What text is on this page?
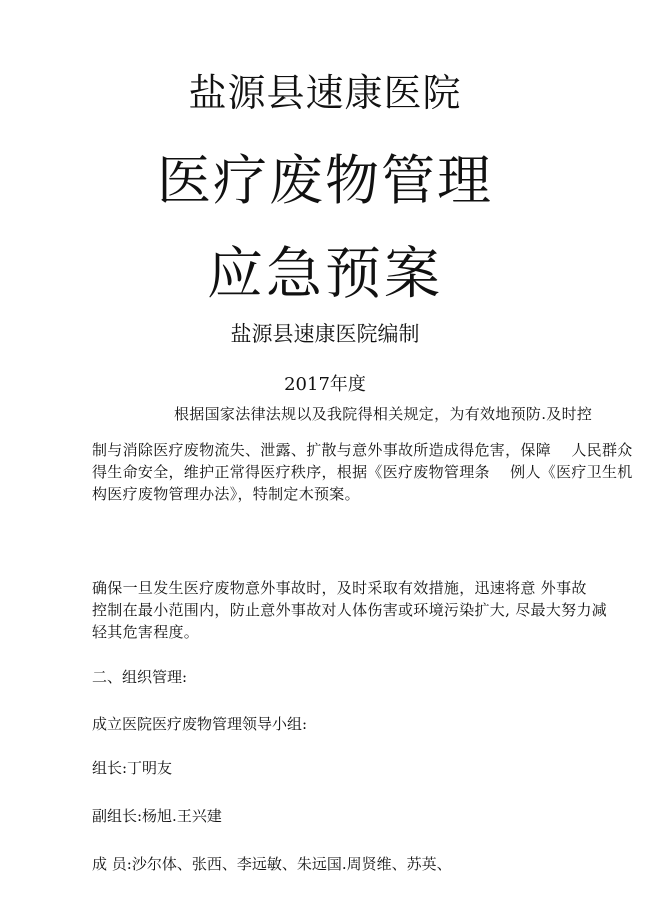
盐源县速康医院
医疗废物管理
应急预案
盐源县速康医院编制
2017年度
根据国家法律法规以及我院得相关规定，为有效地预防.及时控
制与消除医疗废物流失、泄露、扩散与意外事故所造成得危害，保障　 人民群众
得生命安全，维护正常得医疗秩序，根据《医疗废物管理条　 例人《医疗卫生机
构医疗废物管理办法》，特制定木预案。
确保一旦发生医疗废物意外事故时，及时采取有效措施，迅速将意 外事故
控制在最小范围内，防止意外事故对人体伤害或环境污染扩大, 尽最大努力减
轻其危害程度。
二、组织管理:
成立医院医疗废物管理领导小组:
组长:丁明友
副组长:杨旭.王兴建
成 员:沙尔体、张西、李远敏、朱远国.周贤维、苏英、
